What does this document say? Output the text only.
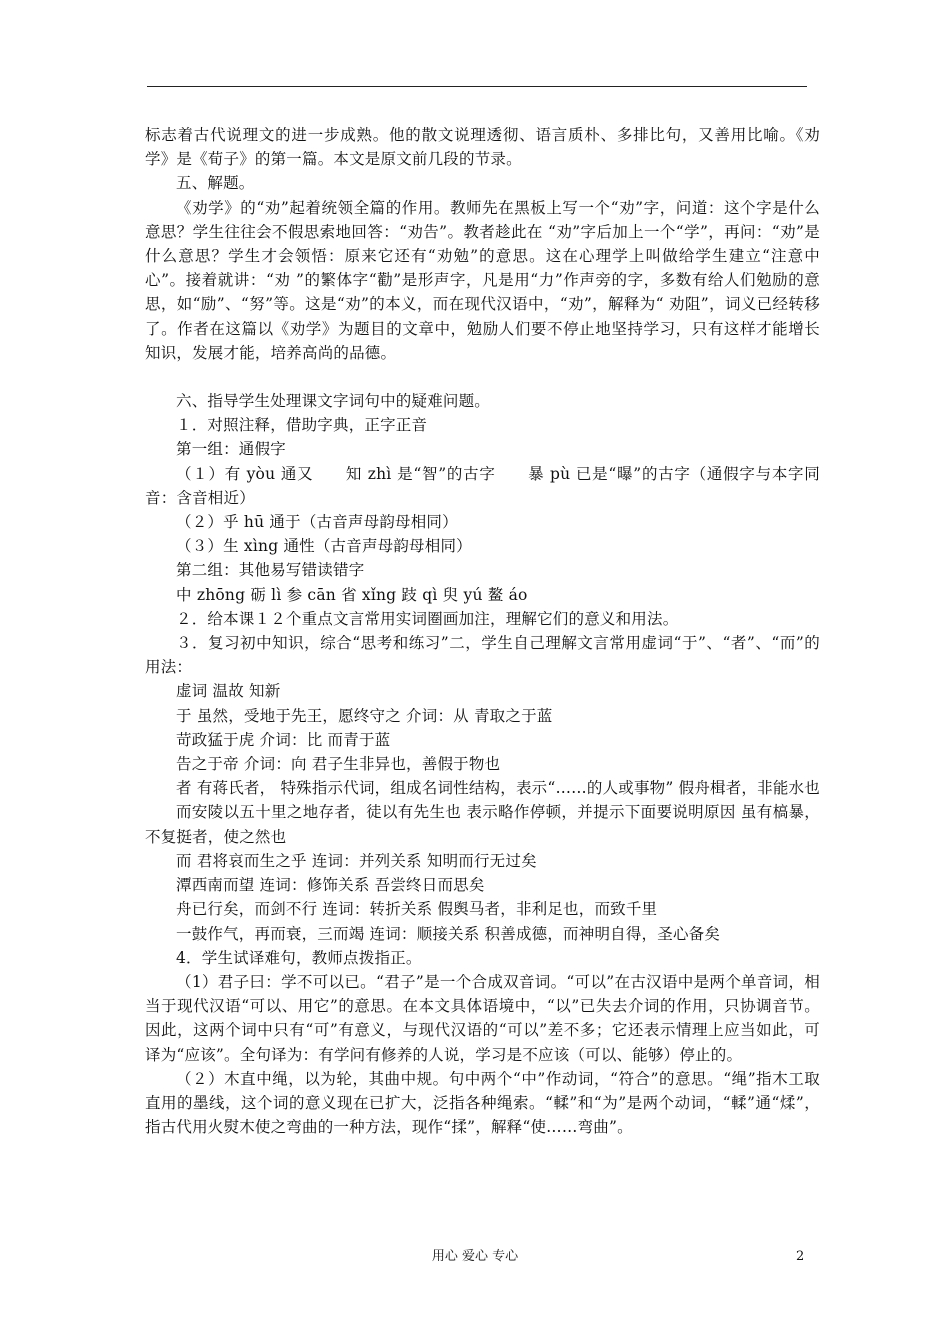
标志着古代说理文的进一步成熟。他的散文说理透彻、语言质朴、多排比句，又善用比喻。《劝学》是《荀子》的第一篇。本文是原文前几段的节录。

五、解题。

《劝学》的“劝”起着统领全篇的作用。教师先在黑板上写一个“劝”字，问道：这个字是什么意思？学生往往会不假思索地回答：“劝告”。教者趁此在 “劝”字后加上一个“学”，再问：“劝”是什么意思？学生才会领悟：原来它还有“劝勉”的意思。这在心理学上叫做给学生建立“注意中心”。接着就讲：“劝 ”的繁体字“勸”是形声字，凡是用“力”作声旁的字，多数有给人们勉励的意思，如“励”、“努”等。这是“劝”的本义，而在现代汉语中，“劝”，解释为“ 劝阻”，词义已经转移了。作者在这篇以《劝学》为题目的文章中，勉励人们要不停止地坚持学习，只有这样才能增长知识，发展才能，培养高尚的品德。

六、指导学生处理课文字词句中的疑难问题。

１．对照注释，借助字典，正字正音

第一组：通假字

（１）有 yòu 通又　　知 zhì 是“智”的古字　　暴 pù 已是“曝”的古字（通假字与本字同音：含音相近）

（２）乎 hū 通于（古音声母韵母相同）

（３）生 xìng 通性（古音声母韵母相同）

第二组：其他易写错读错字

中 zhōng 砺 lì 参 cān 省 xǐng 跂 qì 臾 yú 鳌 áo

２．给本课１２个重点文言常用实词圈画加注，理解它们的意义和用法。

３．复习初中知识，综合“思考和练习”二，学生自己理解文言常用虚词“于”、“者”、“而”的用法：

虚词 温故 知新

于 虽然，受地于先王，愿终守之 介词：从 青取之于蓝

苛政猛于虎 介词：比 而青于蓝

告之于帝 介词：向 君子生非异也，善假于物也

者 有蒋氏者， 特殊指示代词，组成名词性结构，表示“……的人或事物” 假舟楫者，非能水也

而安陵以五十里之地存者，徒以有先生也 表示略作停顿，并提示下面要说明原因 虽有槁暴，不复挺者，使之然也

而 君将哀而生之乎 连词：并列关系 知明而行无过矣

潭西南而望 连词：修饰关系 吾尝终日而思矣

舟已行矣，而剑不行 连词：转折关系 假舆马者，非利足也，而致千里

一鼓作气，再而衰，三而竭 连词：顺接关系 积善成德，而神明自得，圣心备矣

4．学生试译难句，教师点拨指正。

（1）君子曰：学不可以已。“君子”是一个合成双音词。“可以”在古汉语中是两个单音词，相当于现代汉语“可以、用它”的意思。在本文具体语境中，“以”已失去介词的作用，只协调音节。因此，这两个词中只有“可”有意义，与现代汉语的“可以”差不多；它还表示情理上应当如此，可译为“应该”。全句译为：有学问有修养的人说，学习是不应该（可以、能够）停止的。

（２）木直中绳，以为轮，其曲中规。句中两个“中”作动词，“符合”的意思。“绳”指木工取直用的墨线，这个词的意义现在已扩大，泛指各种绳索。“輮”和“为”是两个动词，“輮”通“煣”，指古代用火熨木使之弯曲的一种方法，现作“揉”，解释“使……弯曲”。

用心 爱心 专心	2
